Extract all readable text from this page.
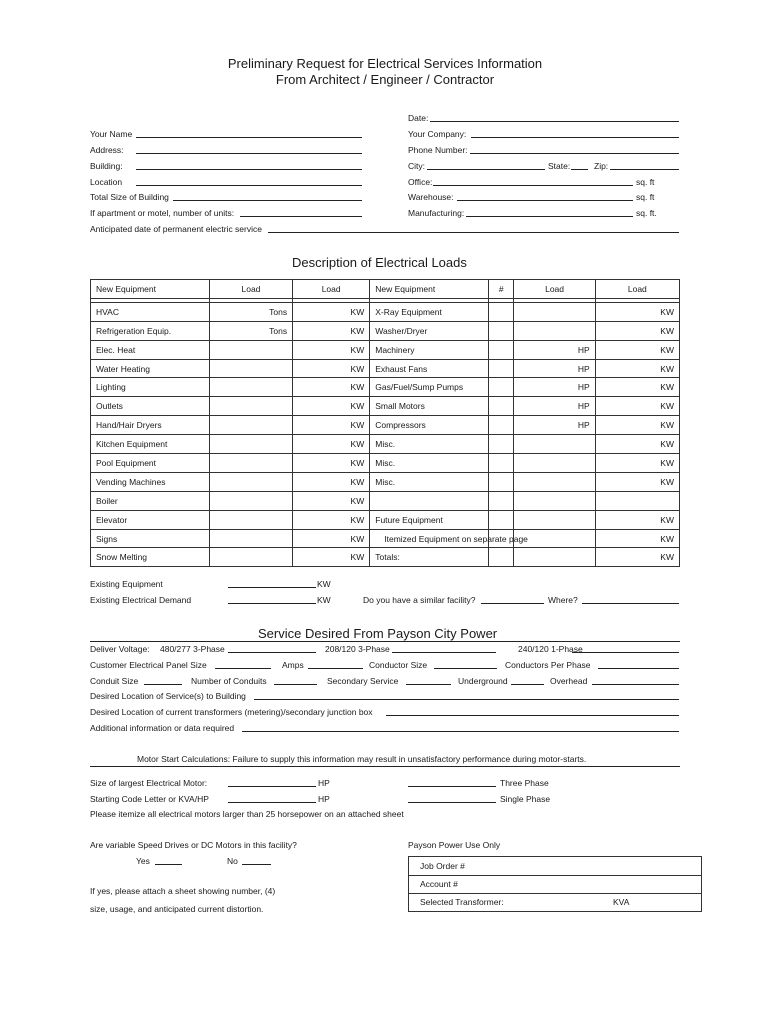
Preliminary Request for Electrical Services Information
From Architect / Engineer / Contractor
Date:
Your Name	Your Company:
Address:	Phone Number:
Building:	City:	State:	Zip:
Location	Office:	sq. ft
Total Size of Building	Warehouse:	sq. ft
If apartment or motel, number of units:	Manufacturing:	sq. ft.
Anticipated date of permanent electric service
Description of Electrical Loads
New Equipment	Load	Load	New Equipment	#	Load	Load

HVAC	Tons	KW	X-Ray Equipment			KW
Refrigeration Equip.	Tons	KW	Washer/Dryer			KW
Elec. Heat		KW	Machinery		HP	KW
Water Heating		KW	Exhaust Fans		HP	KW
Lighting		KW	Gas/Fuel/Sump Pumps		HP	KW
Outlets		KW	Small Motors		HP	KW
Hand/Hair Dryers		KW	Compressors		HP	KW
Kitchen Equipment		KW	Misc.			KW
Pool Equipment		KW	Misc.			KW
Vending Machines		KW	Misc.			KW
Boiler		KW				
Elevator		KW	Future Equipment			KW
Signs		KW	Itemized Equipment on separate page			KW
Snow Melting		KW	Totals:			KW
Existing Equipment	KW
Existing Electrical Demand	KW	Do you have a similar facility?	Where?
Service Desired From Payson City Power
Deliver Voltage: 480/277 3-Phase	208/120 3-Phase	240/120 1-Phase
Customer Electrical Panel Size	Amps	Conductor Size	Conductors Per Phase
Conduit Size	Number of Conduits	Secondary Service	Underground	Overhead
Desired Location of Service(s) to Building
Desired Location of current transformers (metering)/secondary junction box
Additional information or data required
Motor Start Calculations: Failure to supply this information may result in unsatisfactory performance during motor-starts.
Size of largest Electrical Motor:	HP	Three Phase
Starting Code Letter or KVA/HP	HP	Single Phase
Please itemize all electrical motors larger than 25 horsepower on an attached sheet
Are variable Speed Drives or DC Motors in this facility?
Yes	No
If yes, please attach a sheet showing number, (4)
size, usage, and anticipated current distortion.
Payson Power Use Only
Job Order #
Account #
Selected Transformer:	KVA
